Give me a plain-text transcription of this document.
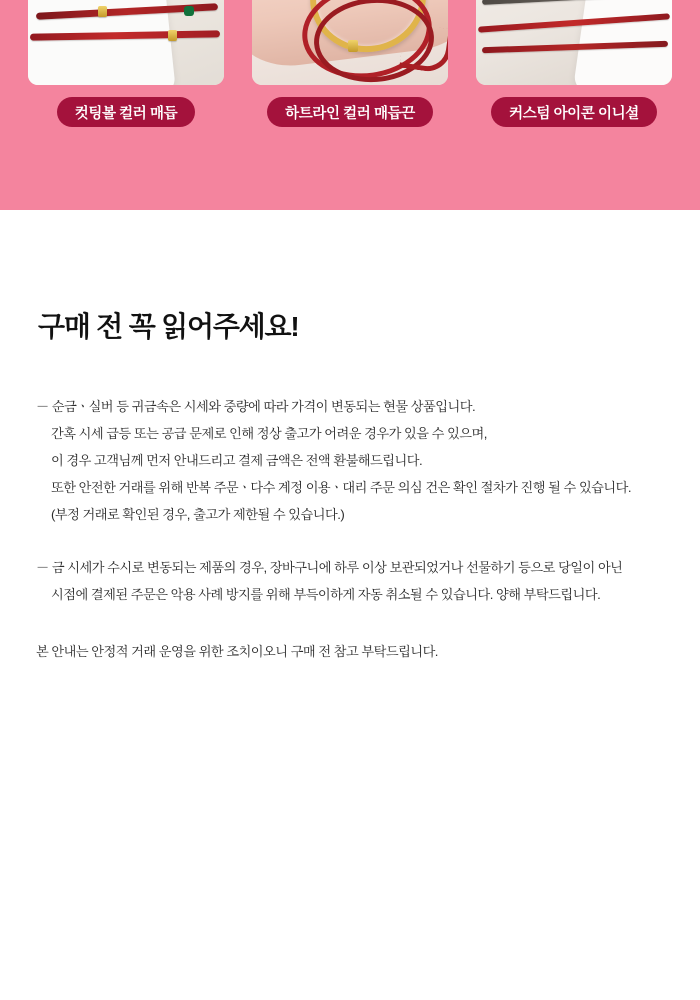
컷팅볼 컬러 매듭	하트라인 컬러 매듭끈	커스텀 아이콘 이니셜
구매 전 꼭 읽어주세요!
－ 순금ㆍ실버 등 귀금속은 시세와 중량에 따라 가격이 변동되는 현물 상품입니다.
간혹 시세 급등 또는 공급 문제로 인해 정상 출고가 어려운 경우가 있을 수 있으며,
이 경우 고객님께 먼저 안내드리고 결제 금액은 전액 환불해드립니다.
또한 안전한 거래를 위해 반복 주문ㆍ다수 계정 이용ㆍ대리 주문 의심 건은 확인 절차가 진행 될 수 있습니다.
(부정 거래로 확인된 경우, 출고가 제한될 수 있습니다.)
－ 금 시세가 수시로 변동되는 제품의 경우, 장바구니에 하루 이상 보관되었거나 선물하기 등으로 당일이 아닌
시점에 결제된 주문은 악용 사례 방지를 위해 부득이하게 자동 취소될 수 있습니다. 양해 부탁드립니다.
본 안내는 안정적 거래 운영을 위한 조치이오니 구매 전 참고 부탁드립니다.
